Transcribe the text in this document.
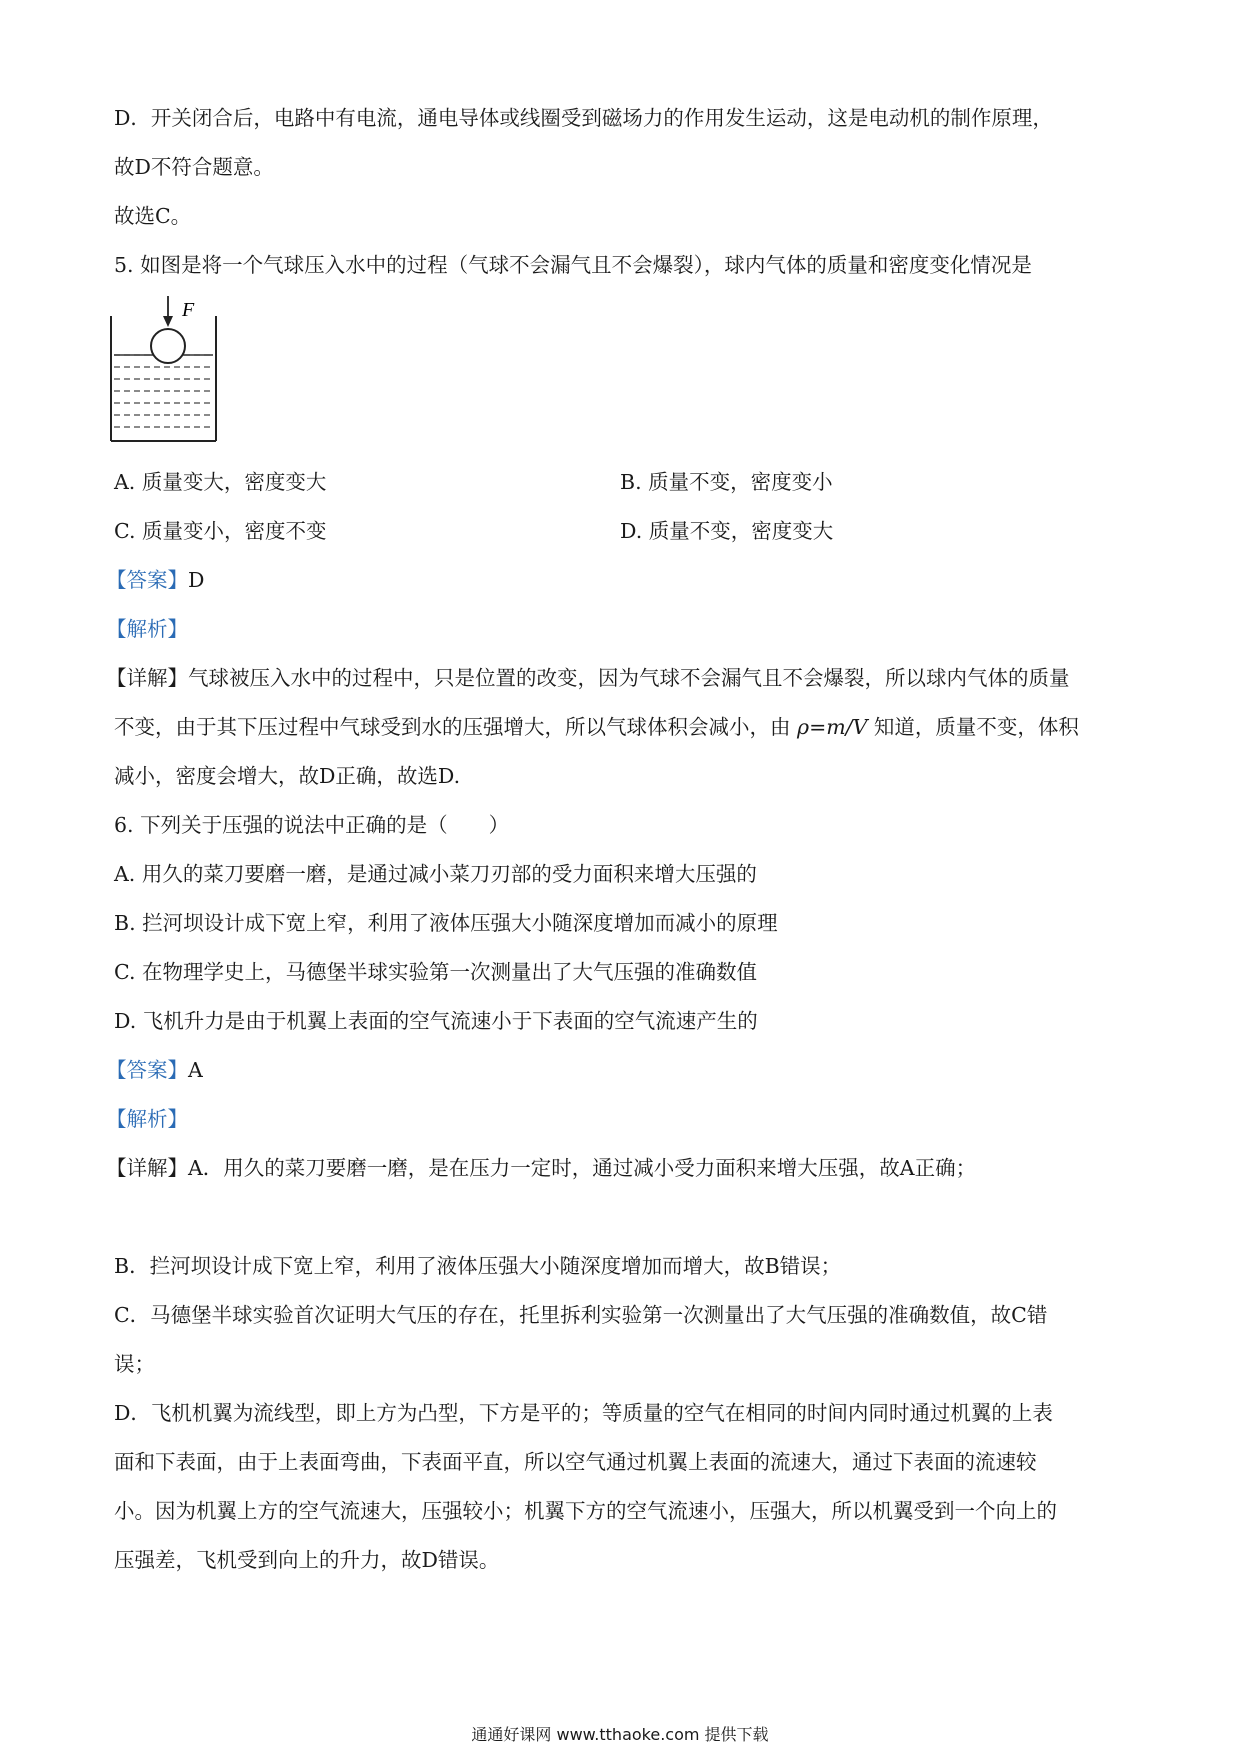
D．开关闭合后，电路中有电流，通电导体或线圈受到磁场力的作用发生运动，这是电动机的制作原理，
故D不符合题意。
故选C。
5. 如图是将一个气球压入水中的过程（气球不会漏气且不会爆裂），球内气体的质量和密度变化情况是
F
A. 质量变大，密度变大	B. 质量不变，密度变小
C. 质量变小，密度不变	D. 质量不变，密度变大
【答案】D
【解析】
【详解】气球被压入水中的过程中，只是位置的改变，因为气球不会漏气且不会爆裂，所以球内气体的质量
不变，由于其下压过程中气球受到水的压强增大，所以气球体积会减小，由 ρ=m/V 知道，质量不变，体积
减小，密度会增大，故D正确，故选D.
6. 下列关于压强的说法中正确的是（　　）
A. 用久的菜刀要磨一磨，是通过减小菜刀刃部的受力面积来增大压强的
B. 拦河坝设计成下宽上窄，利用了液体压强大小随深度增加而减小的原理
C. 在物理学史上，马德堡半球实验第一次测量出了大气压强的准确数值
D. 飞机升力是由于机翼上表面的空气流速小于下表面的空气流速产生的
【答案】A
【解析】
【详解】A．用久的菜刀要磨一磨，是在压力一定时，通过减小受力面积来增大压强，故A正确；
B．拦河坝设计成下宽上窄，利用了液体压强大小随深度增加而增大，故B错误；
C．马德堡半球实验首次证明大气压的存在，托里拆利实验第一次测量出了大气压强的准确数值，故C错
误；
D．飞机机翼为流线型，即上方为凸型，下方是平的；等质量的空气在相同的时间内同时通过机翼的上表
面和下表面，由于上表面弯曲，下表面平直，所以空气通过机翼上表面的流速大，通过下表面的流速较
小。因为机翼上方的空气流速大，压强较小；机翼下方的空气流速小，压强大，所以机翼受到一个向上的
压强差，飞机受到向上的升力，故D错误。
通通好课网 www.tthaoke.com 提供下载
